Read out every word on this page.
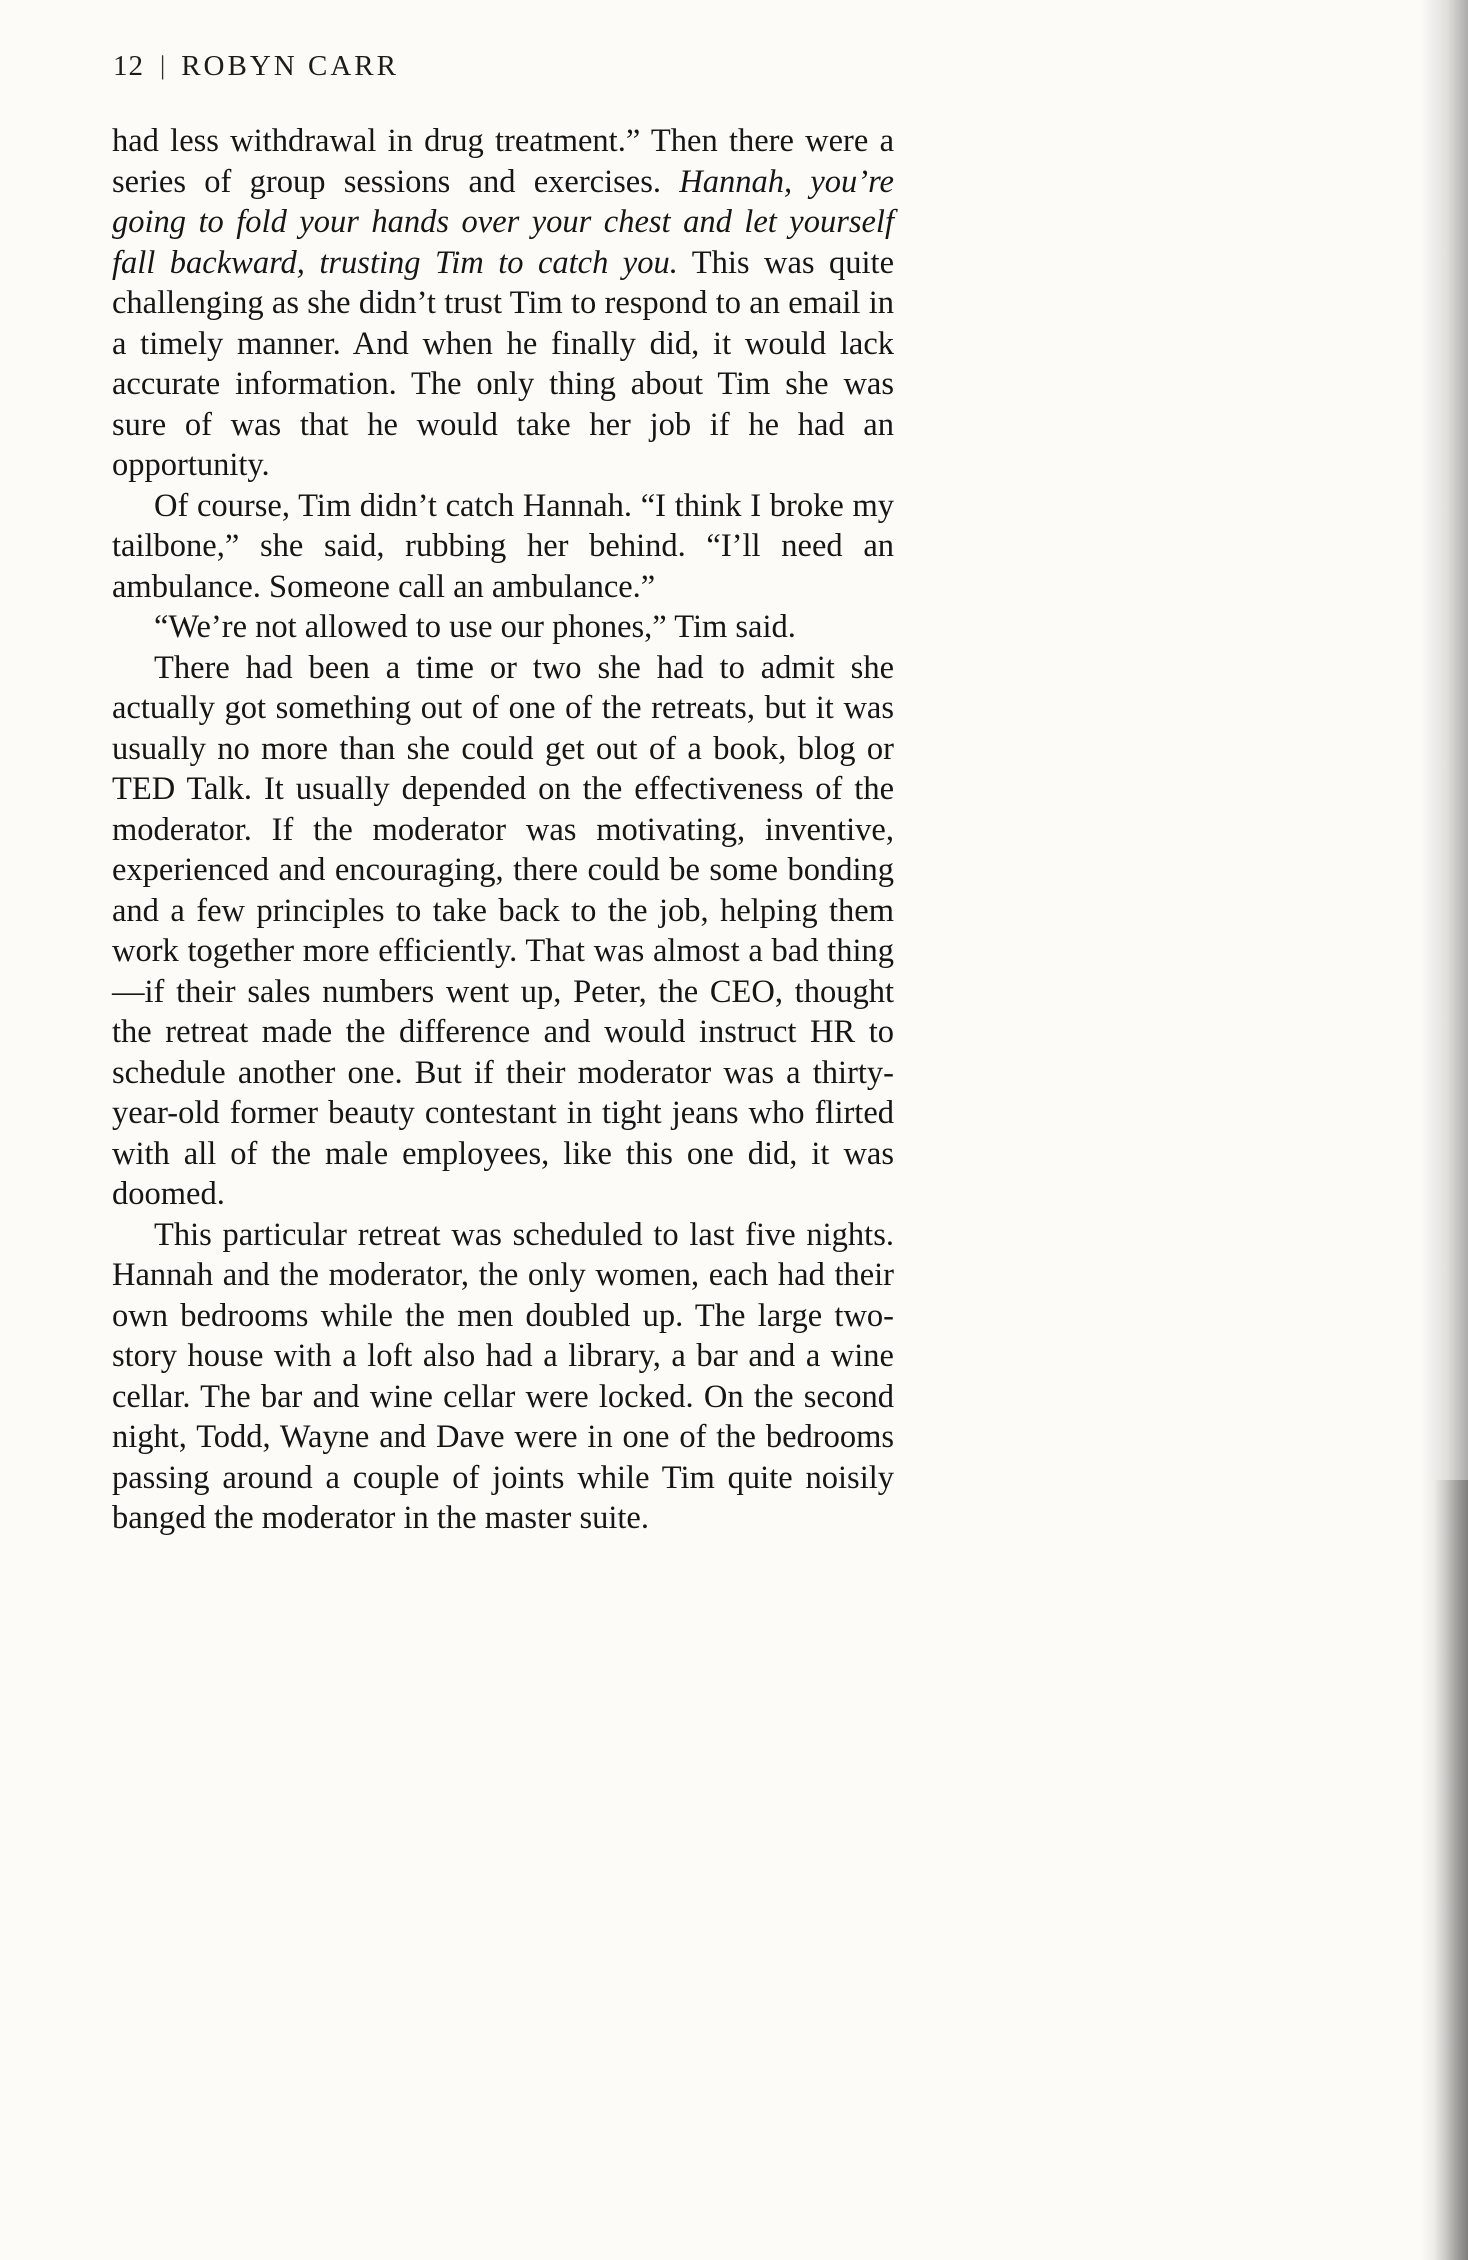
12 | ROBYN CARR

had less withdrawal in drug treatment.” Then there were a series of group sessions and exercises. Hannah, you’re going to fold your hands over your chest and let yourself fall backward, trusting Tim to catch you. This was quite challenging as she didn’t trust Tim to respond to an email in a timely manner. And when he finally did, it would lack accurate information. The only thing about Tim she was sure of was that he would take her job if he had an opportunity.

Of course, Tim didn’t catch Hannah. “I think I broke my tailbone,” she said, rubbing her behind. “I’ll need an ambulance. Someone call an ambulance.”

“We’re not allowed to use our phones,” Tim said.

There had been a time or two she had to admit she actually got something out of one of the retreats, but it was usually no more than she could get out of a book, blog or TED Talk. It usually depended on the effectiveness of the moderator. If the moderator was motivating, inventive, experienced and encouraging, there could be some bonding and a few principles to take back to the job, helping them work together more efficiently. That was almost a bad thing—if their sales numbers went up, Peter, the CEO, thought the retreat made the difference and would instruct HR to schedule another one. But if their moderator was a thirty-year-old former beauty contestant in tight jeans who flirted with all of the male employees, like this one did, it was doomed.

This particular retreat was scheduled to last five nights. Hannah and the moderator, the only women, each had their own bedrooms while the men doubled up. The large two-story house with a loft also had a library, a bar and a wine cellar. The bar and wine cellar were locked. On the second night, Todd, Wayne and Dave were in one of the bedrooms passing around a couple of joints while Tim quite noisily banged the moderator in the master suite.
